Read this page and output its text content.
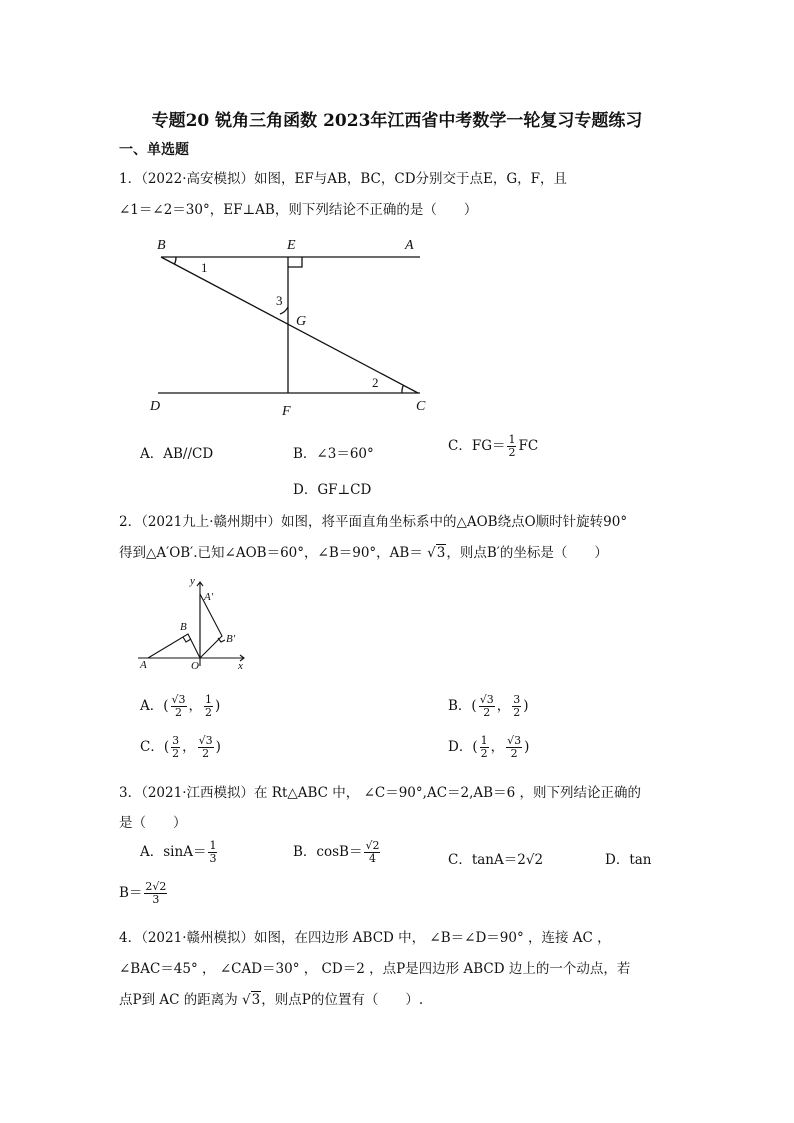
专题20 锐角三角函数 2023年江西省中考数学一轮复习专题练习
一、单选题
1．（2022·高安模拟）如图，EF与AB，BC，CD分别交于点E，G，F，且
∠1＝∠2＝30°，EF⊥AB，则下列结论不正确的是（　　）
B	E	A
D	F	C
G
1
2
3
A．AB//CD	B．∠3＝60°	C．$FG= \frac{1}{2}$ FC
D．GF⊥CD
2．（2021九上·赣州期中）如图，将平面直角坐标系中的△AOB绕点O顺时针旋转90°
得到△A′OB′.已知∠AOB＝60°，∠B＝90°，AB＝ √3，则点B′的坐标是（　　）
y
x
A
B
O
A′
B′
A．( $\frac{√3}{2}$ ， $\frac{1}{2}$ )	B．( $\frac{√3}{2}$ ， $\frac{3}{2}$ )
C．( $\frac{3}{2}$ ， $\frac{√3}{2}$ )	D．( $\frac{1}{2}$ ， $\frac{√3}{2}$ )
3．（2021·江西模拟）在 Rt△ABC 中， ∠C＝90°,AC＝2,AB＝6 ，则下列结论正确的
是（　　）
A．$\sin A= \frac{1}{3}$	B．$\cos B= \frac{√2}{4}$	C．tanA＝2√2	D．tan
$B= \frac{2√2}{3}$
4．（2021·赣州模拟）如图，在四边形 ABCD 中， ∠B＝∠D＝90° ，连接 AC ，
∠BAC＝45° ， ∠CAD＝30° ， CD＝2 ，点P是四边形 ABCD 边上的一个动点，若
点P到 AC 的距离为 √3，则点P的位置有（　　）.
